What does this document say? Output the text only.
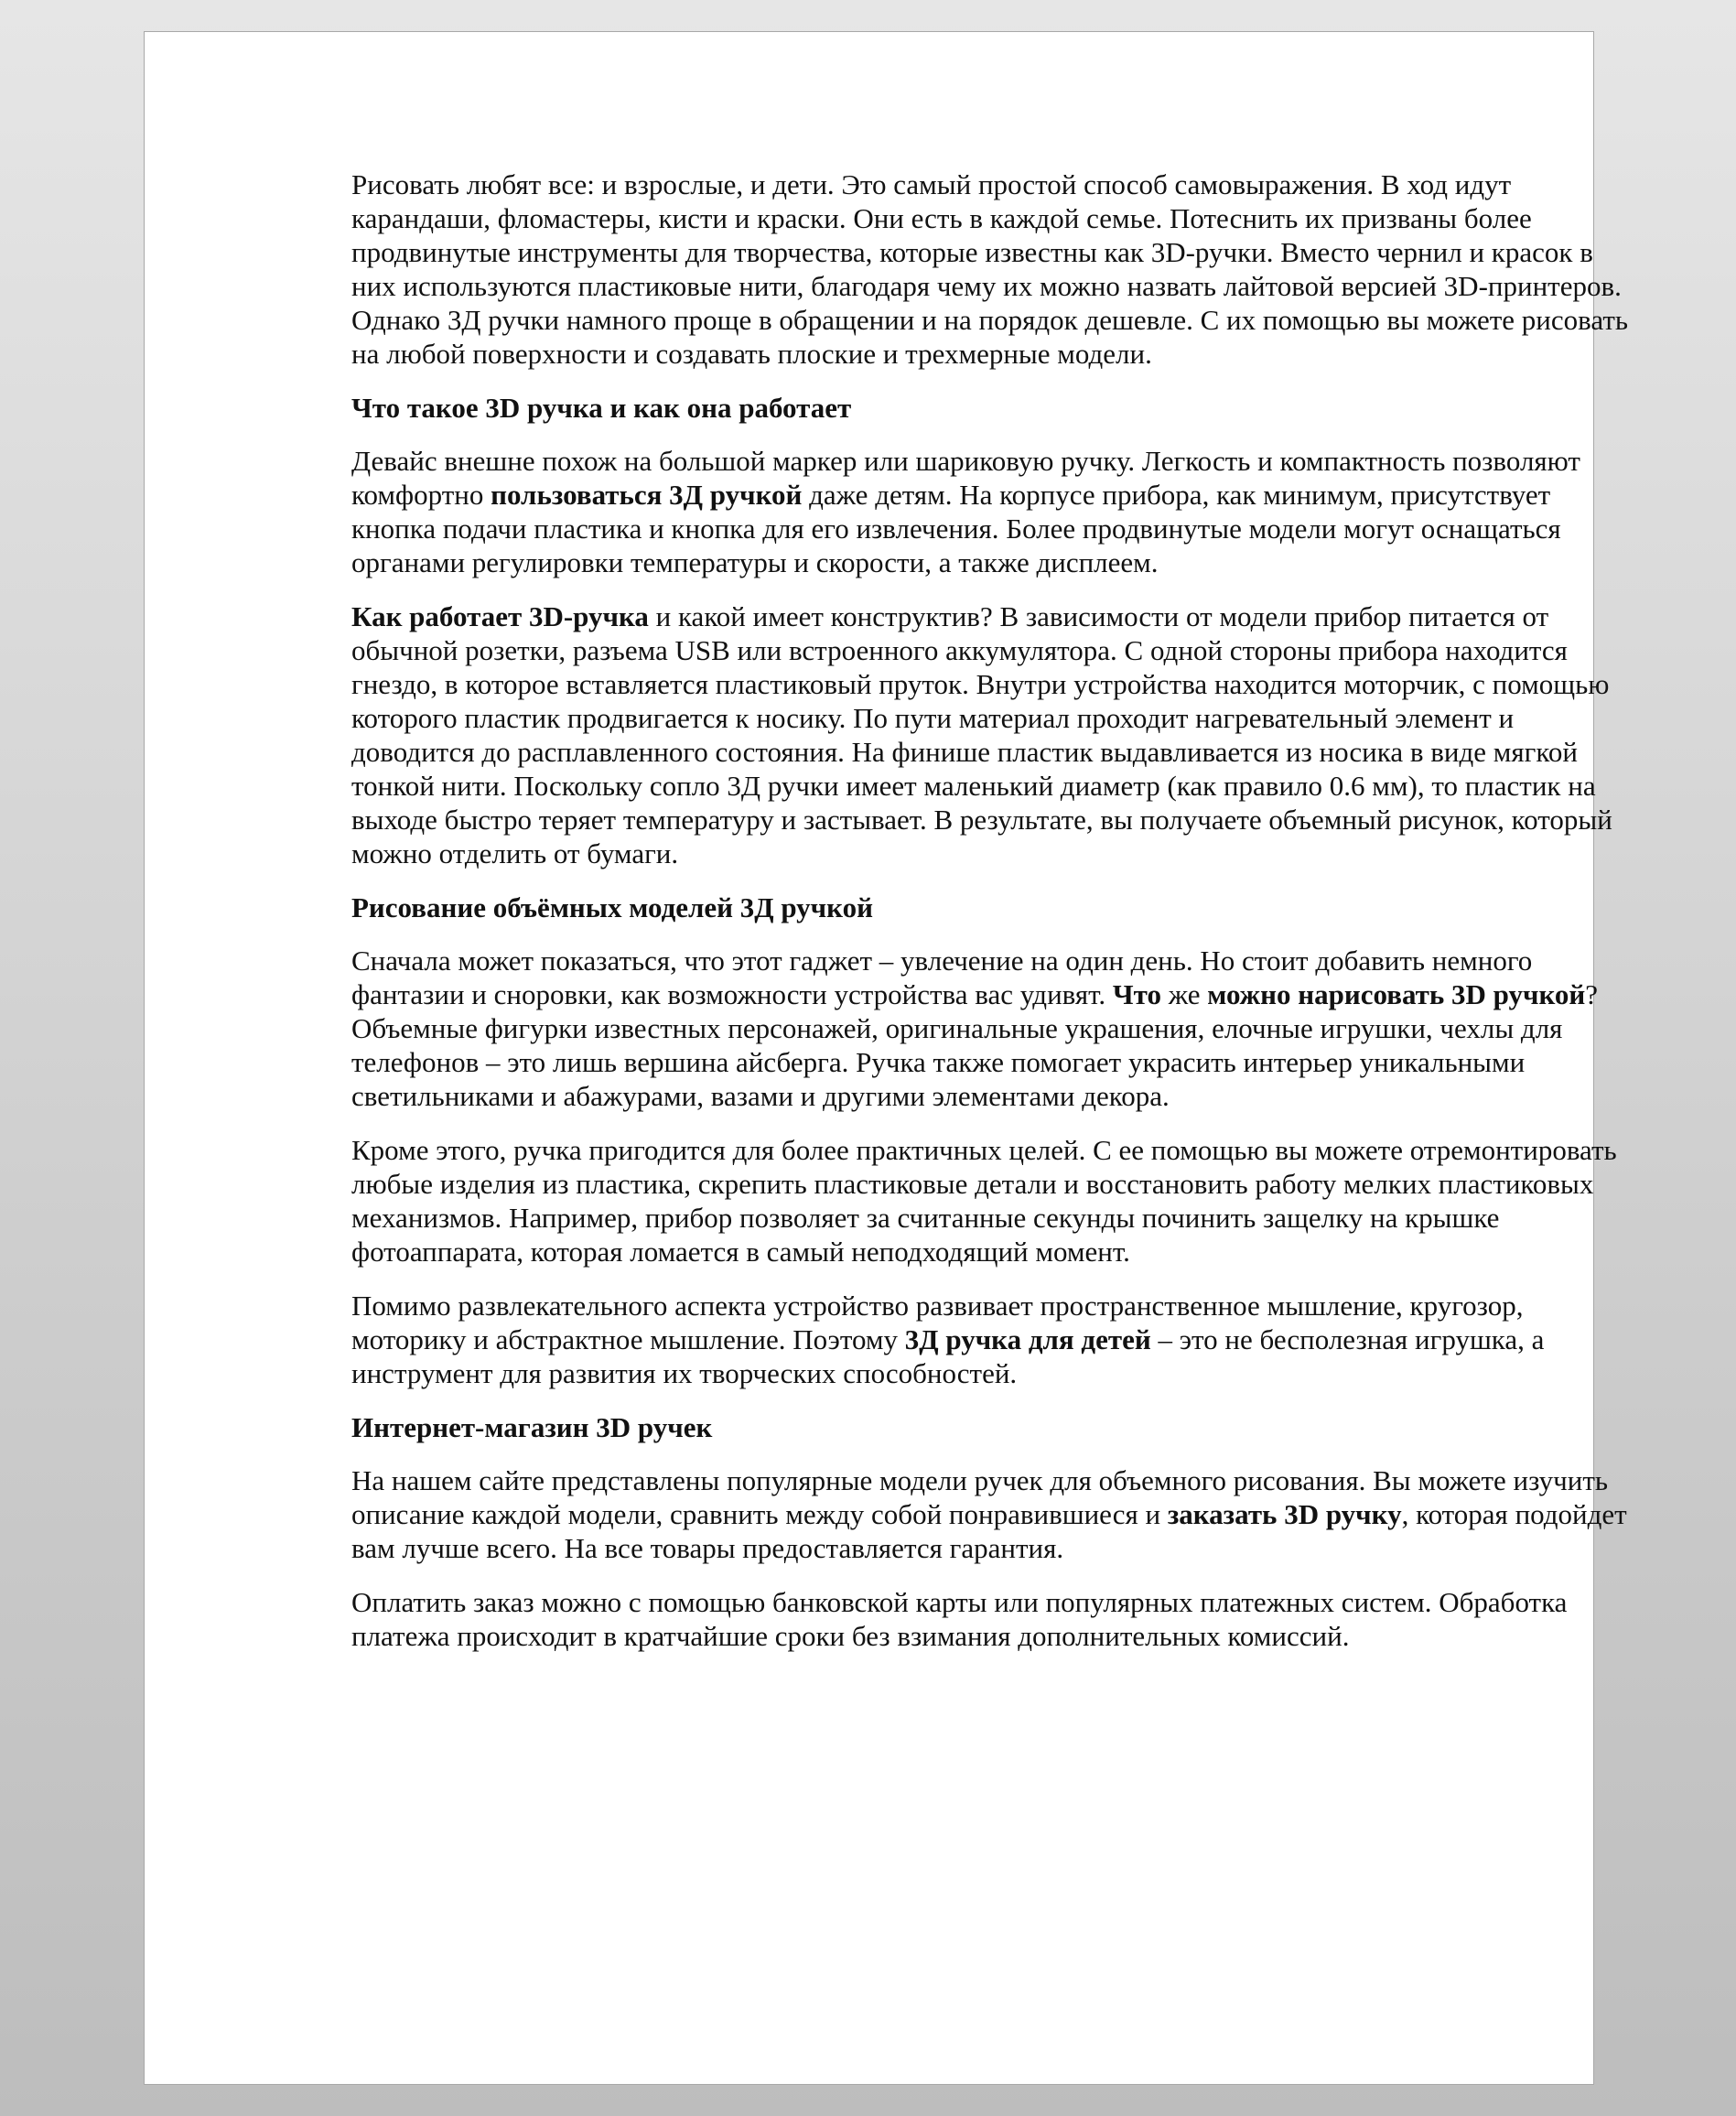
Рисовать любят все: и взрослые, и дети. Это самый простой способ самовыражения. В ход идут карандаши, фломастеры, кисти и краски. Они есть в каждой семье. Потеснить их призваны более продвинутые инструменты для творчества, которые известны как 3D-ручки. Вместо чернил и красок в них используются пластиковые нити, благодаря чему их можно назвать лайтовой версией 3D-принтеров. Однако 3Д ручки намного проще в обращении и на порядок дешевле. С их помощью вы можете рисовать на любой поверхности и создавать плоские и трехмерные модели.

Что такое 3D ручка и как она работает

Девайс внешне похож на большой маркер или шариковую ручку. Легкость и компактность позволяют комфортно пользоваться 3Д ручкой даже детям. На корпусе прибора, как минимум, присутствует кнопка подачи пластика и кнопка для его извлечения. Более продвинутые модели могут оснащаться органами регулировки температуры и скорости, а также дисплеем.

Как работает 3D-ручка и какой имеет конструктив? В зависимости от модели прибор питается от обычной розетки, разъема USB или встроенного аккумулятора. С одной стороны прибора находится гнездо, в которое вставляется пластиковый пруток. Внутри устройства находится моторчик, с помощью которого пластик продвигается к носику. По пути материал проходит нагревательный элемент и доводится до расплавленного состояния. На финише пластик выдавливается из носика в виде мягкой тонкой нити. Поскольку сопло 3Д ручки имеет маленький диаметр (как правило 0.6 мм), то пластик на выходе быстро теряет температуру и застывает. В результате, вы получаете объемный рисунок, который можно отделить от бумаги.

Рисование объёмных моделей 3Д ручкой

Сначала может показаться, что этот гаджет – увлечение на один день. Но стоит добавить немного фантазии и сноровки, как возможности устройства вас удивят. Что же можно нарисовать 3D ручкой? Объемные фигурки известных персонажей, оригинальные украшения, елочные игрушки, чехлы для телефонов – это лишь вершина айсберга. Ручка также помогает украсить интерьер уникальными светильниками и абажурами, вазами и другими элементами декора.

Кроме этого, ручка пригодится для более практичных целей. С ее помощью вы можете отремонтировать любые изделия из пластика, скрепить пластиковые детали и восстановить работу мелких пластиковых механизмов. Например, прибор позволяет за считанные секунды починить защелку на крышке фотоаппарата, которая ломается в самый неподходящий момент.

Помимо развлекательного аспекта устройство развивает пространственное мышление, кругозор, моторику и абстрактное мышление. Поэтому 3Д ручка для детей – это не бесполезная игрушка, а инструмент для развития их творческих способностей.

Интернет-магазин 3D ручек

На нашем сайте представлены популярные модели ручек для объемного рисования. Вы можете изучить описание каждой модели, сравнить между собой понравившиеся и заказать 3D ручку, которая подойдет вам лучше всего. На все товары предоставляется гарантия.

Оплатить заказ можно с помощью банковской карты или популярных платежных систем. Обработка платежа происходит в кратчайшие сроки без взимания дополнительных комиссий.
